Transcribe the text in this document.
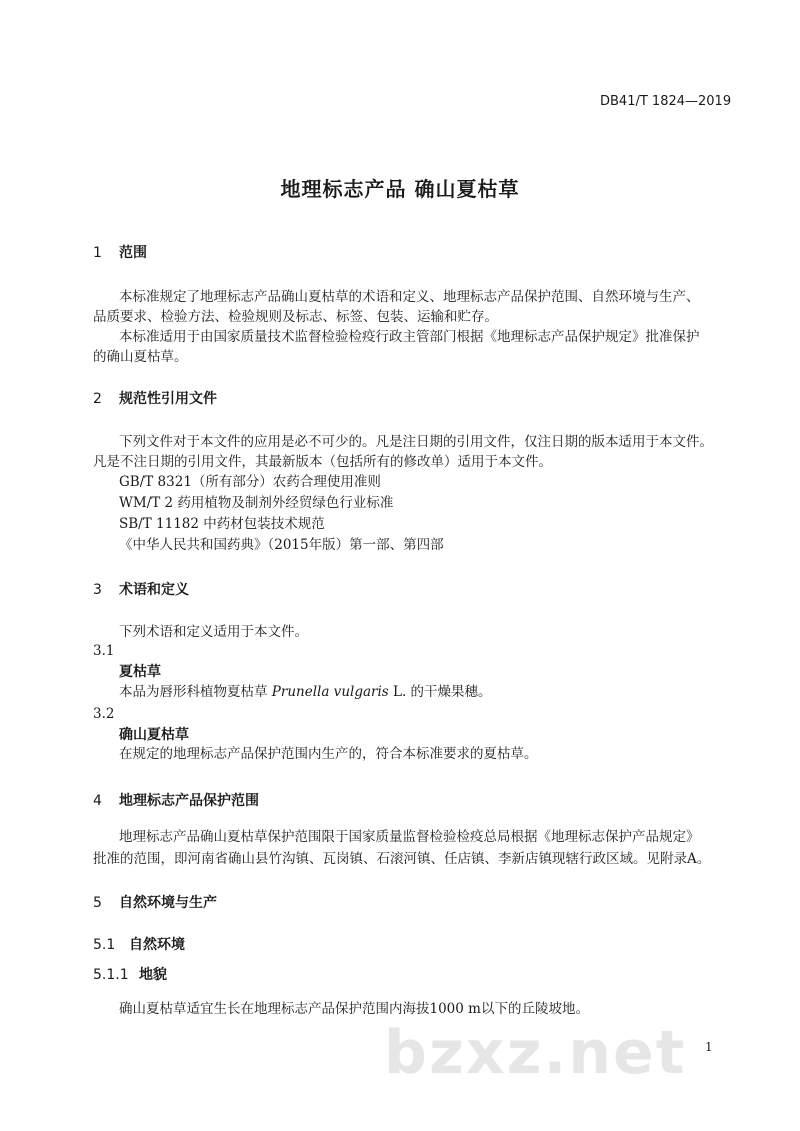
DB41/T 1824—2019
地理标志产品 确山夏枯草
1 范围
本标准规定了地理标志产品确山夏枯草的术语和定义、地理标志产品保护范围、自然环境与生产、
品质要求、检验方法、检验规则及标志、标签、包装、运输和贮存。
本标准适用于由国家质量技术监督检验检疫行政主管部门根据《地理标志产品保护规定》批准保护
的确山夏枯草。
2 规范性引用文件
下列文件对于本文件的应用是必不可少的。凡是注日期的引用文件，仅注日期的版本适用于本文件。
凡是不注日期的引用文件，其最新版本（包括所有的修改单）适用于本文件。
GB/T 8321（所有部分）农药合理使用准则
WM/T 2 药用植物及制剂外经贸绿色行业标准
SB/T 11182 中药材包装技术规范
《中华人民共和国药典》（2015年版）第一部、第四部
3 术语和定义
下列术语和定义适用于本文件。
3.1
夏枯草
本品为唇形科植物夏枯草 Prunella vulgaris L. 的干燥果穗。
3.2
确山夏枯草
在规定的地理标志产品保护范围内生产的，符合本标准要求的夏枯草。
4 地理标志产品保护范围
地理标志产品确山夏枯草保护范围限于国家质量监督检验检疫总局根据《地理标志保护产品规定》
批准的范围，即河南省确山县竹沟镇、瓦岗镇、石滚河镇、任店镇、李新店镇现辖行政区域。见附录A。
5 自然环境与生产
5.1 自然环境
5.1.1 地貌
确山夏枯草适宜生长在地理标志产品保护范围内海拔1000 m以下的丘陵坡地。
bzxz.net 1
